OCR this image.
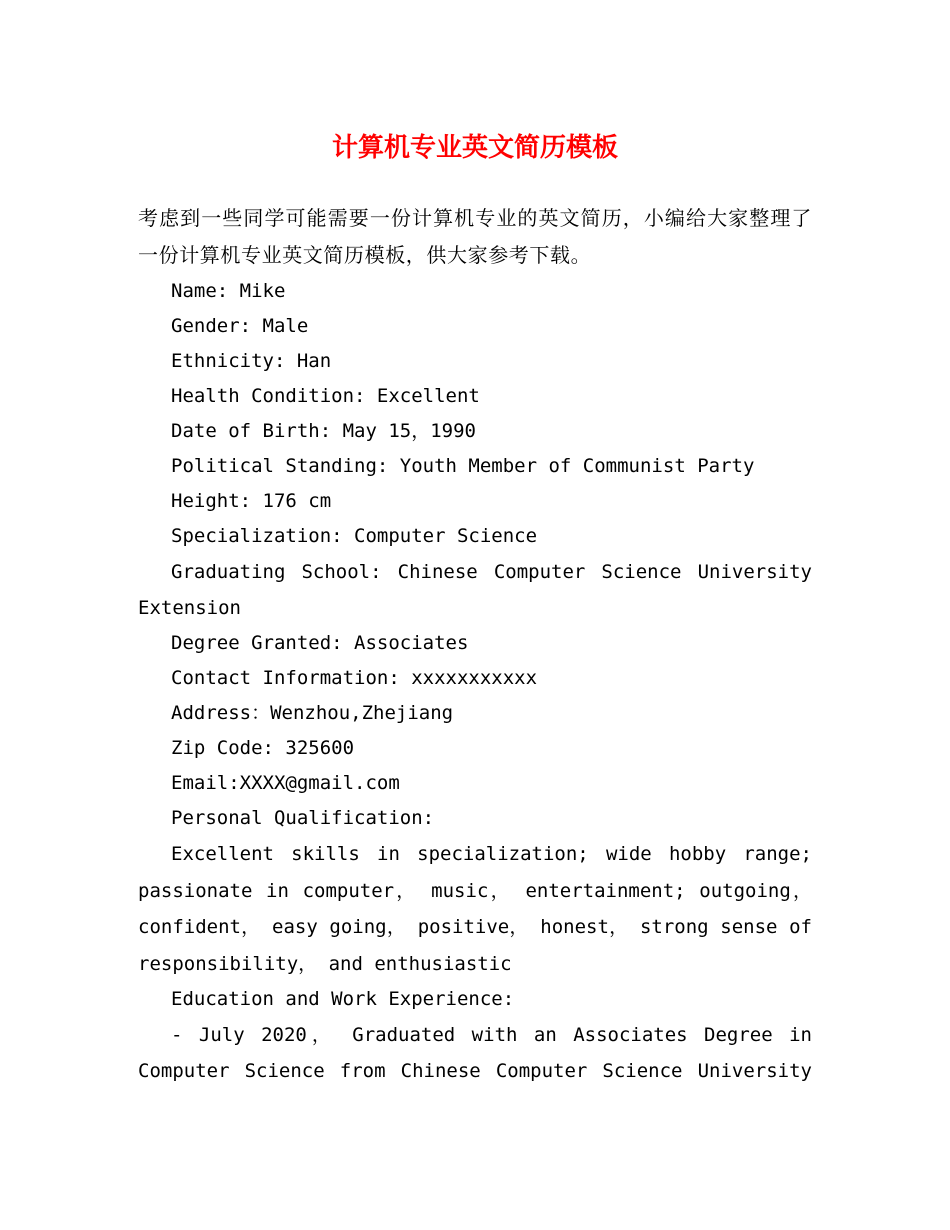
计算机专业英文简历模板

考虑到一些同学可能需要一份计算机专业的英文简历，小编给大家整理了一份计算机专业英文简历模板，供大家参考下载。

Name: Mike

Gender: Male

Ethnicity: Han

Health Condition: Excellent

Date of Birth: May 15，1990

Political Standing: Youth Member of Communist Party

Height: 176 cm

Specialization: Computer Science

Graduating School: Chinese Computer Science University

Extension

Degree Granted: Associates

Contact Information: xxxxxxxxxxx

Address：Wenzhou,Zhejiang

Zip Code: 325600

Email:XXXX@gmail.com

Personal Qualification:

Excellent skills in specialization; wide hobby range; passionate in computer， music， entertainment; outgoing，confident， easy going， positive， honest， strong sense of responsibility， and enthusiastic

Education and Work Experience:

- July 2020， Graduated with an Associates Degree in

Computer Science from Chinese Computer Science University
